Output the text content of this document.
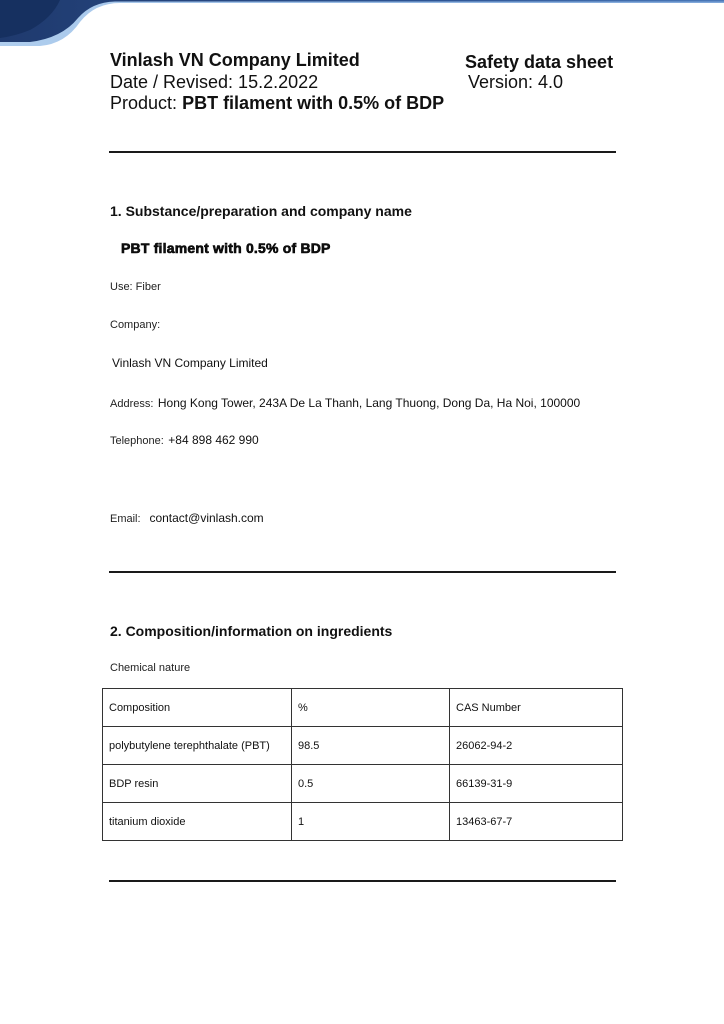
Vinlash VN Company Limited	Safety data sheet
Date / Revised: 15.2.2022	Version: 4.0
Product: PBT filament with 0.5% of BDP
1. Substance/preparation and company name
PBT filament with 0.5% of BDP
Use: Fiber
Company:
Vinlash VN Company Limited
Address: Hong Kong Tower, 243A De La Thanh, Lang Thuong, Dong Da, Ha Noi, 100000
Telephone: +84 898 462 990
Email: contact@vinlash.com
2. Composition/information on ingredients
Chemical nature
Composition	%	CAS Number
polybutylene terephthalate (PBT)	98.5	26062-94-2
BDP resin	0.5	66139-31-9
titanium dioxide	1	13463-67-7
